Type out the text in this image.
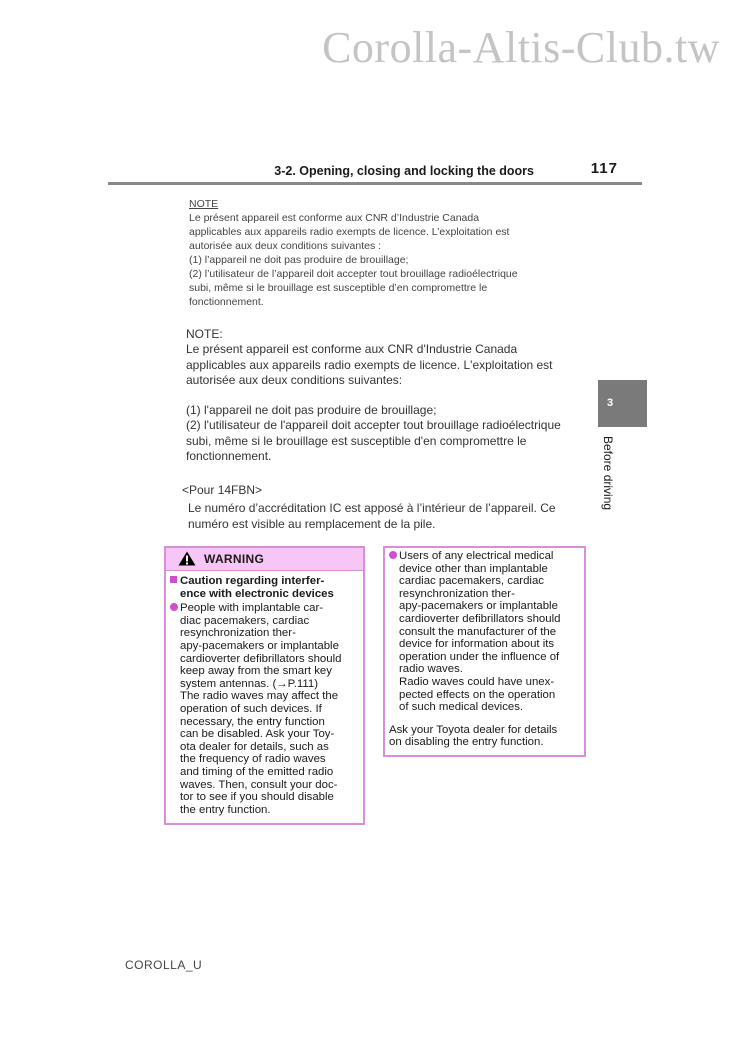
Corolla-Altis-Club.tw
3-2. Opening, closing and locking the doors	117
3
Before driving
NOTE
Le présent appareil est conforme aux CNR d’Industrie Canada
applicables aux appareils radio exempts de licence. L’exploitation est
autorisée aux deux conditions suivantes :
(1) l’appareil ne doit pas produire de brouillage;
(2) l’utilisateur de l’appareil doit accepter tout brouillage radioélectrique
subi, même si le brouillage est susceptible d’en compromettre le
fonctionnement.
NOTE:
Le présent appareil est conforme aux CNR d'Industrie Canada
applicables aux appareils radio exempts de licence. L'exploitation est
autorisée aux deux conditions suivantes:
(1) l'appareil ne doit pas produire de brouillage;
(2) l'utilisateur de l'appareil doit accepter tout brouillage radioélectrique
subi, même si le brouillage est susceptible d'en compromettre le
fonctionnement.
<Pour 14FBN>
Le numéro d’accréditation IC est apposé à l’intérieur de l’appareil. Ce
numéro est visible au remplacement de la pile.
WARNING
Caution regarding interfer-
ence with electronic devices
People with implantable car-
diac pacemakers, cardiac
resynchronization ther-
apy-pacemakers or implantable
cardioverter defibrillators should
keep away from the smart key
system antennas. (→P.111)
The radio waves may affect the
operation of such devices. If
necessary, the entry function
can be disabled. Ask your Toy-
ota dealer for details, such as
the frequency of radio waves
and timing of the emitted radio
waves. Then, consult your doc-
tor to see if you should disable
the entry function.
Users of any electrical medical
device other than implantable
cardiac pacemakers, cardiac
resynchronization ther-
apy-pacemakers or implantable
cardioverter defibrillators should
consult the manufacturer of the
device for information about its
operation under the influence of
radio waves.
Radio waves could have unex-
pected effects on the operation
of such medical devices.
Ask your Toyota dealer for details
on disabling the entry function.
COROLLA_U
